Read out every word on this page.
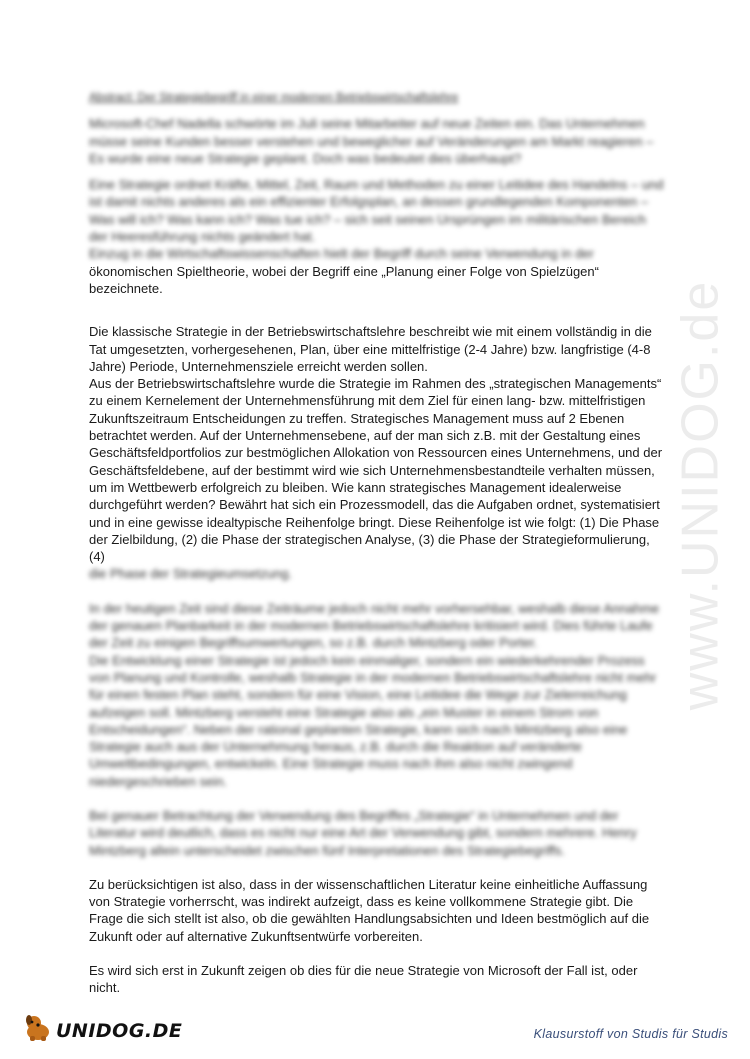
www.UNIDOG.de

Abstract: Der Strategiebegriff in einer modernen Betriebswirtschaftslehre

Microsoft-Chef Nadella schwörte im Juli seine Mitarbeiter auf neue Zeiten ein. Das Unternehmen müsse seine Kunden besser verstehen und beweglicher auf Veränderungen am Markt reagieren – Es wurde eine neue Strategie geplant. Doch was bedeutet dies überhaupt?

Eine Strategie ordnet Kräfte, Mittel, Zeit, Raum und Methoden zu einer Leitidee des Handelns – und ist damit nichts anderes als ein effizienter Erfolgsplan, an dessen grundlegenden Komponenten – Was will ich? Was kann ich? Was tue ich? – sich seit seinen Ursprüngen im militärischen Bereich der Heeresführung nichts geändert hat.

Einzug in die Wirtschaftswissenschaften hielt der Begriff durch seine Verwendung in der

ökonomischen Spieltheorie, wobei der Begriff eine „Planung einer Folge von Spielzügen“ bezeichnete.

Die klassische Strategie in der Betriebswirtschaftslehre beschreibt wie mit einem vollständig in die Tat umgesetzten, vorhergesehenen, Plan, über eine mittelfristige (2-4 Jahre) bzw. langfristige (4-8 Jahre) Periode, Unternehmensziele erreicht werden sollen.

Aus der Betriebswirtschaftslehre wurde die Strategie im Rahmen des „strategischen Managements“ zu einem Kernelement der Unternehmensführung mit dem Ziel für einen lang- bzw. mittelfristigen Zukunftszeitraum Entscheidungen zu treffen. Strategisches Management muss auf 2 Ebenen betrachtet werden. Auf der Unternehmensebene, auf der man sich z.B. mit der Gestaltung eines Geschäftsfeldportfolios zur bestmöglichen Allokation von Ressourcen eines Unternehmens, und der Geschäftsfeldebene, auf der bestimmt wird wie sich Unternehmensbestandteile verhalten müssen, um im Wettbewerb erfolgreich zu bleiben. Wie kann strategisches Management idealerweise durchgeführt werden? Bewährt hat sich ein Prozessmodell, das die Aufgaben ordnet, systematisiert und in eine gewisse idealtypische Reihenfolge bringt. Diese Reihenfolge ist wie folgt: (1) Die Phase der Zielbildung, (2) die Phase der strategischen Analyse, (3) die Phase der Strategieformulierung, (4)

die Phase der Strategieumsetzung.

In der heutigen Zeit sind diese Zeiträume jedoch nicht mehr vorhersehbar, weshalb diese Annahme der genauen Planbarkeit in der modernen Betriebswirtschaftslehre kritisiert wird. Dies führte Laufe der Zeit zu einigen Begriffsumwertungen, so z.B. durch Mintzberg oder Porter.

Die Entwicklung einer Strategie ist jedoch kein einmaliger, sondern ein wiederkehrender Prozess von Planung und Kontrolle, weshalb Strategie in der modernen Betriebswirtschaftslehre nicht mehr für einen festen Plan steht, sondern für eine Vision, eine Leitidee die Wege zur Zielerreichung aufzeigen soll. Mintzberg versteht eine Strategie also als „ein Muster in einem Strom von Entscheidungen“. Neben der rational geplanten Strategie, kann sich nach Mintzberg also eine Strategie auch aus der Unternehmung heraus, z.B. durch die Reaktion auf veränderte Umweltbedingungen, entwickeln. Eine Strategie muss nach ihm also nicht zwingend niedergeschrieben sein.

Bei genauer Betrachtung der Verwendung des Begriffes „Strategie“ in Unternehmen und der Literatur wird deutlich, dass es nicht nur eine Art der Verwendung gibt, sondern mehrere. Henry Mintzberg allein unterscheidet zwischen fünf Interpretationen des Strategiebegriffs.

Zu berücksichtigen ist also, dass in der wissenschaftlichen Literatur keine einheitliche Auffassung von Strategie vorherrscht, was indirekt aufzeigt, dass es keine vollkommene Strategie gibt. Die Frage die sich stellt ist also, ob die gewählten Handlungsabsichten und Ideen bestmöglich auf die Zukunft oder auf alternative Zukunftsentwürfe vorbereiten.

Es wird sich erst in Zukunft zeigen ob dies für die neue Strategie von Microsoft der Fall ist, oder nicht.

UNIDOG.DE	Klausurstoff von Studis für Studis
